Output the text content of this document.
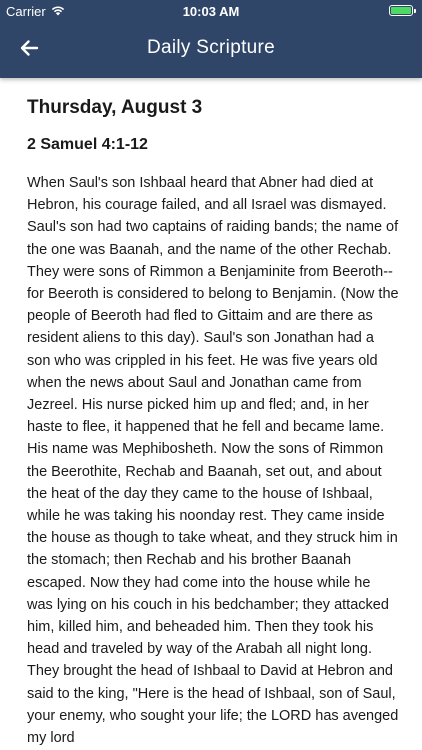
Carrier	10:03 AM
Daily Scripture
Thursday, August 3
2 Samuel 4:1-12

When Saul's son Ishbaal heard that Abner had died at Hebron, his courage failed, and all Israel was dismayed. Saul's son had two captains of raiding bands; the name of the one was Baanah, and the name of the other Rechab. They were sons of Rimmon a Benjaminite from Beeroth-- for Beeroth is considered to belong to Benjamin. (Now the people of Beeroth had fled to Gittaim and are there as resident aliens to this day). Saul's son Jonathan had a son who was crippled in his feet. He was five years old when the news about Saul and Jonathan came from Jezreel. His nurse picked him up and fled; and, in her haste to flee, it happened that he fell and became lame. His name was Mephibosheth. Now the sons of Rimmon the Beerothite, Rechab and Baanah, set out, and about the heat of the day they came to the house of Ishbaal, while he was taking his noonday rest. They came inside the house as though to take wheat, and they struck him in the stomach; then Rechab and his brother Baanah escaped. Now they had come into the house while he was lying on his couch in his bedchamber; they attacked him, killed him, and beheaded him. Then they took his head and traveled by way of the Arabah all night long. They brought the head of Ishbaal to David at Hebron and said to the king, "Here is the head of Ishbaal, son of Saul, your enemy, who sought your life; the LORD has avenged my lord
